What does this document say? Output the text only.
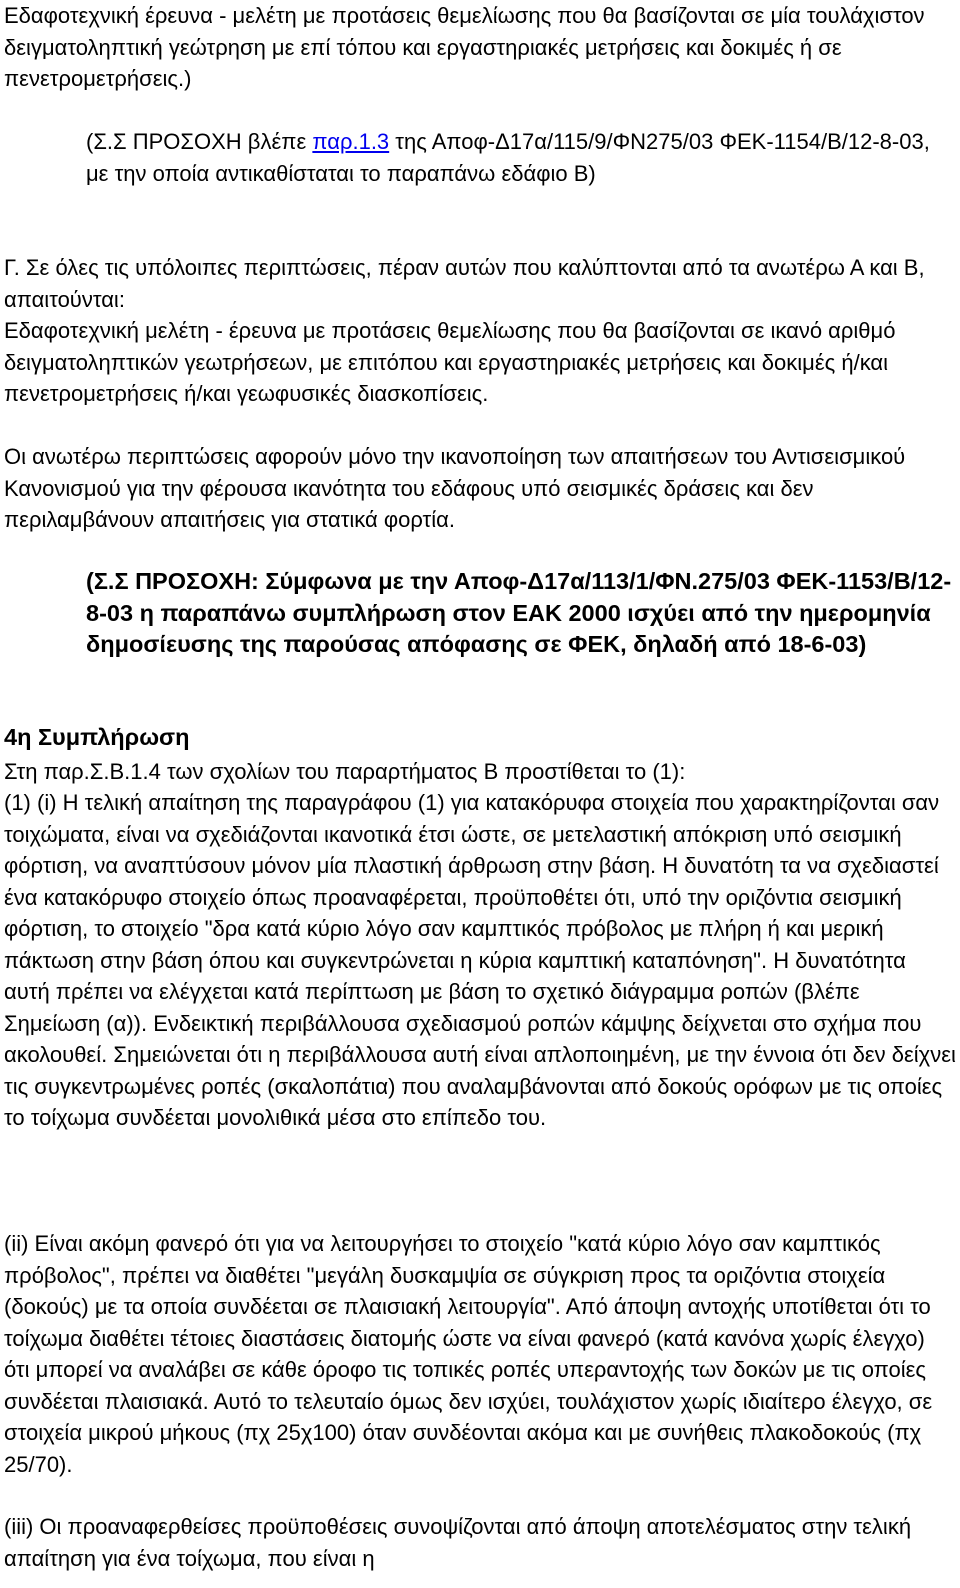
Εδαφοτεχνική έρευνα - μελέτη με προτάσεις θεμελίωσης που θα βασίζονται σε μία τουλάχιστον δειγματοληπτική γεώτρηση με επί τόπου και εργαστηριακές μετρήσεις και δοκιμές ή σε πενετρομετρήσεις.)

(Σ.Σ ΠΡΟΣΟΧΗ βλέπε παρ.1.3 της Αποφ-Δ17α/115/9/ΦΝ275/03 ΦΕΚ-1154/Β/12-8-03, με την οποία αντικαθίσταται το παραπάνω εδάφιο Β)

Γ. Σε όλες τις υπόλοιπες περιπτώσεις, πέραν αυτών που καλύπτονται από τα ανωτέρω Α και Β, απαιτούνται:

Εδαφοτεχνική μελέτη - έρευνα με προτάσεις θεμελίωσης που θα βασίζονται σε ικανό αριθμό δειγματοληπτικών γεωτρήσεων, με επιτόπου και εργαστηριακές μετρήσεις και δοκιμές ή/και πενετρομετρήσεις ή/και γεωφυσικές διασκοπίσεις.

Οι ανωτέρω περιπτώσεις αφορούν μόνο την ικανοποίηση των απαιτήσεων του Αντισεισμικού Κανονισμού για την φέρουσα ικανότητα του εδάφους υπό σεισμικές δράσεις και δεν περιλαμβάνουν απαιτήσεις για στατικά φορτία.

(Σ.Σ ΠΡΟΣΟΧΗ: Σύμφωνα με την Αποφ-Δ17α/113/1/ΦΝ.275/03 ΦΕΚ-1153/Β/12-8-03 η παραπάνω συμπλήρωση στον ΕΑΚ 2000 ισχύει από την ημερομηνία δημοσίευσης της παρούσας απόφασης σε ΦΕΚ, δηλαδή από 18-6-03)

4η Συμπλήρωση

Στη παρ.Σ.Β.1.4 των σχολίων του παραρτήματος Β προστίθεται το (1):

(1) (i) Η τελική απαίτηση της παραγράφου (1) για κατακόρυφα στοιχεία που χαρακτηρίζονται σαν τοιχώματα, είναι να σχεδιάζονται ικανοτικά έτσι ώστε, σε μετελαστική απόκριση υπό σεισμική φόρτιση, να αναπτύσουν μόνον μία πλαστική άρθρωση στην βάση. Η δυνατότη τα να σχεδιαστεί ένα κατακόρυφο στοιχείο όπως προαναφέρεται, προϋποθέτει ότι, υπό την οριζόντια σεισμική φόρτιση, το στοιχείο "δρα κατά κύριο λόγο σαν καμπτικός πρόβολος με πλήρη ή και μερική πάκτωση στην βάση όπου και συγκεντρώνεται η κύρια καμπτική καταπόνηση". Η δυνατότητα αυτή πρέπει να ελέγχεται κατά περίπτωση με βάση το σχετικό διάγραμμα ροπών (βλέπε Σημείωση (α)). Ενδεικτική περιβάλλουσα σχεδιασμού ροπών κάμψης δείχνεται στο σχήμα που ακολουθεί. Σημειώνεται ότι η περιβάλλουσα αυτή είναι απλοποιημένη, με την έννοια ότι δεν δείχνει τις συγκεντρωμένες ροπές (σκαλοπάτια) που αναλαμβάνονται από δοκούς ορόφων με τις οποίες το τοίχωμα συνδέεται μονολιθικά μέσα στο επίπεδο του.

(ii) Είναι ακόμη φανερό ότι για να λειτουργήσει το στοιχείο "κατά κύριο λόγο σαν καμπτικός πρόβολος", πρέπει να διαθέτει "μεγάλη δυσκαμψία σε σύγκριση προς τα οριζόντια στοιχεία (δοκούς) με τα οποία συνδέεται σε πλαισιακή λειτουργία". Από άποψη αντοχής υποτίθεται ότι το τοίχωμα διαθέτει τέτοιες διαστάσεις διατομής ώστε να είναι φανερό (κατά κανόνα χωρίς έλεγχο) ότι μπορεί να αναλάβει σε κάθε όροφο τις τοπικές ροπές υπεραντοχής των δοκών με τις οποίες συνδέεται πλαισιακά. Αυτό το τελευταίο όμως δεν ισχύει, τουλάχιστον χωρίς ιδιαίτερο έλεγχο, σε στοιχεία μικρού μήκους (πχ 25χ100) όταν συνδέονται ακόμα και με συνήθεις πλακοδοκούς (πχ 25/70).

(iii) Οι προαναφερθείσες προϋποθέσεις συνοψίζονται από άποψη αποτελέσματος στην τελική απαίτηση για ένα τοίχωμα, που είναι η
